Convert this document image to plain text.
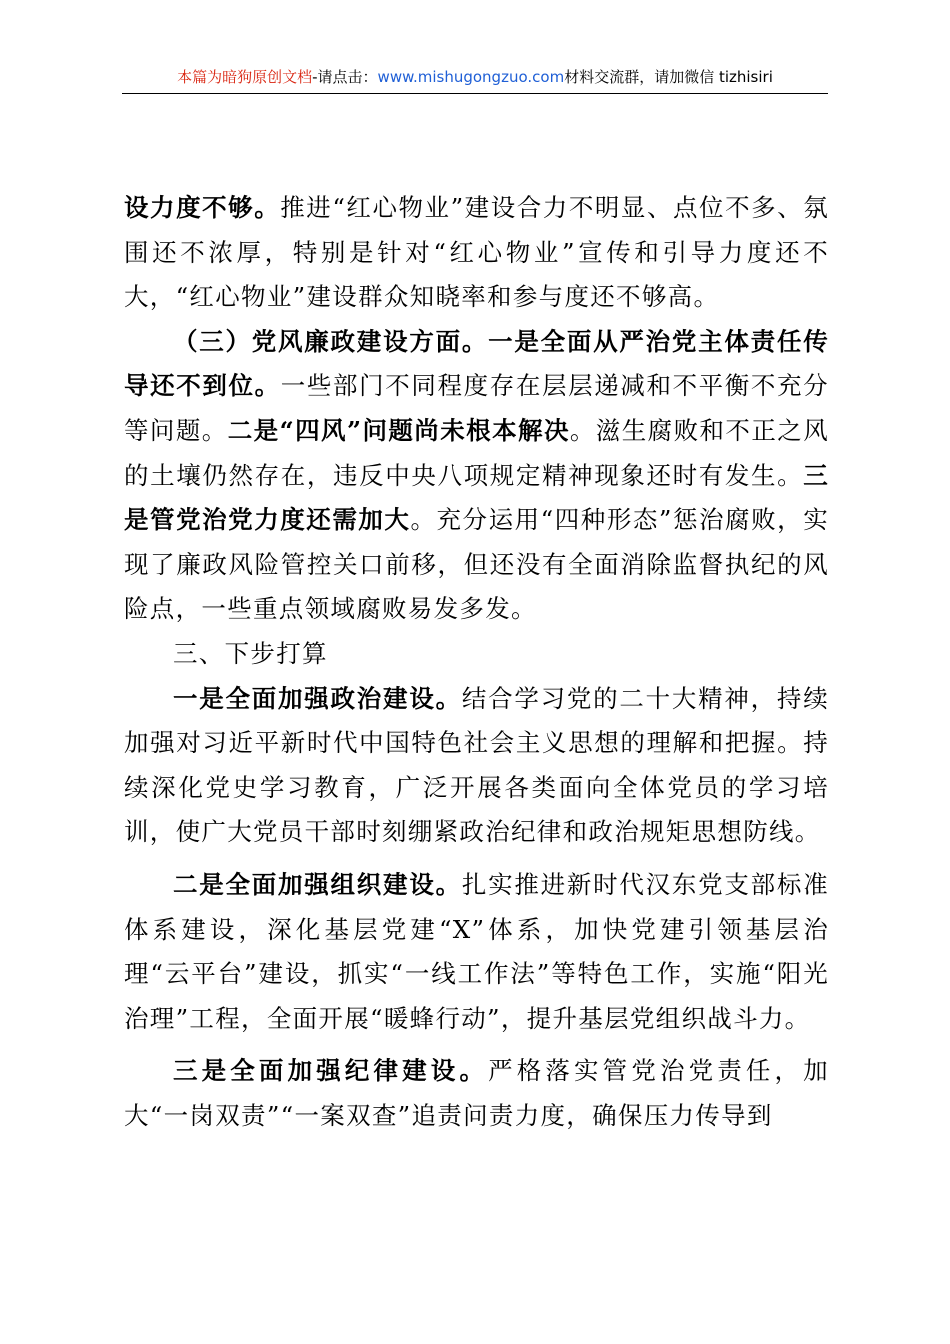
本篇为暗狗原创文档-请点击：www.mishugongzuo.com材料交流群，请加微信 tizhisiri

设力度不够。推进“红心物业”建设合力不明显、点位不多、氛围还不浓厚，特别是针对“红心物业”宣传和引导力度还不大，“红心物业”建设群众知晓率和参与度还不够高。

（三）党风廉政建设方面。一是全面从严治党主体责任传导还不到位。一些部门不同程度存在层层递减和不平衡不充分等问题。二是“四风”问题尚未根本解决。滋生腐败和不正之风的土壤仍然存在，违反中央八项规定精神现象还时有发生。三是管党治党力度还需加大。充分运用“四种形态”惩治腐败，实现了廉政风险管控关口前移，但还没有全面消除监督执纪的风险点，一些重点领域腐败易发多发。

三、下步打算

一是全面加强政治建设。结合学习党的二十大精神，持续加强对习近平新时代中国特色社会主义思想的理解和把握。持续深化党史学习教育，广泛开展各类面向全体党员的学习培训，使广大党员干部时刻绷紧政治纪律和政治规矩思想防线。

二是全面加强组织建设。扎实推进新时代汉东党支部标准体系建设，深化基层党建“X”体系，加快党建引领基层治理“云平台”建设，抓实“一线工作法”等特色工作，实施“阳光治理”工程，全面开展“暖蜂行动”，提升基层党组织战斗力。

三是全面加强纪律建设。严格落实管党治党责任，加大“一岗双责”“一案双查”追责问责力度，确保压力传导到
